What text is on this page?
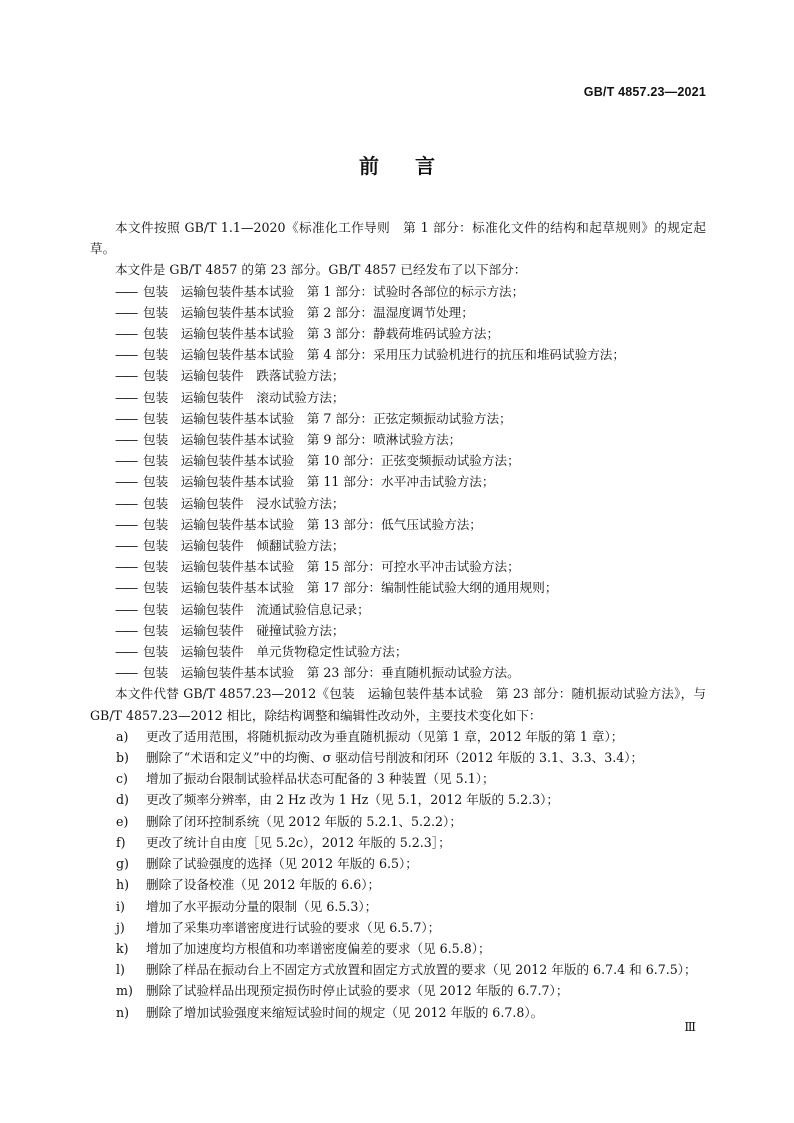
GB/T 4857.23—2021
前言

本文件按照 GB/T 1.1—2020《标准化工作导则　第 1 部分：标准化文件的结构和起草规则》的规定起草。

本文件是 GB/T 4857 的第 23 部分。GB/T 4857 已经发布了以下部分：

—— 包装　运输包装件基本试验　第 1 部分：试验时各部位的标示方法；
—— 包装　运输包装件基本试验　第 2 部分：温湿度调节处理；
—— 包装　运输包装件基本试验　第 3 部分：静载荷堆码试验方法；
—— 包装　运输包装件基本试验　第 4 部分：采用压力试验机进行的抗压和堆码试验方法；
—— 包装　运输包装件　跌落试验方法；
—— 包装　运输包装件　滚动试验方法；
—— 包装　运输包装件基本试验　第 7 部分：正弦定频振动试验方法；
—— 包装　运输包装件基本试验　第 9 部分：喷淋试验方法；
—— 包装　运输包装件基本试验　第 10 部分：正弦变频振动试验方法；
—— 包装　运输包装件基本试验　第 11 部分：水平冲击试验方法；
—— 包装　运输包装件　浸水试验方法；
—— 包装　运输包装件基本试验　第 13 部分：低气压试验方法；
—— 包装　运输包装件　倾翻试验方法；
—— 包装　运输包装件基本试验　第 15 部分：可控水平冲击试验方法；
—— 包装　运输包装件基本试验　第 17 部分：编制性能试验大纲的通用规则；
—— 包装　运输包装件　流通试验信息记录；
—— 包装　运输包装件　碰撞试验方法；
—— 包装　运输包装件　单元货物稳定性试验方法；
—— 包装　运输包装件基本试验　第 23 部分：垂直随机振动试验方法。

本文件代替 GB/T 4857.23—2012《包装　运输包装件基本试验　第 23 部分：随机振动试验方法》，与 GB/T 4857.23—2012 相比，除结构调整和编辑性改动外，主要技术变化如下：

a) 更改了适用范围，将随机振动改为垂直随机振动（见第 1 章，2012 年版的第 1 章）；
b) 删除了“术语和定义”中的均衡、σ 驱动信号削波和闭环（2012 年版的 3.1、3.3、3.4）；
c) 增加了振动台限制试验样品状态可配备的 3 种装置（见 5.1）；
d) 更改了频率分辨率，由 2 Hz 改为 1 Hz（见 5.1，2012 年版的 5.2.3）；
e) 删除了闭环控制系统（见 2012 年版的 5.2.1、5.2.2）；
f) 更改了统计自由度［见 5.2c），2012 年版的 5.2.3］；
g) 删除了试验强度的选择（见 2012 年版的 6.5）；
h) 删除了设备校准（见 2012 年版的 6.6）；
i) 增加了水平振动分量的限制（见 6.5.3）；
j) 增加了采集功率谱密度进行试验的要求（见 6.5.7）；
k) 增加了加速度均方根值和功率谱密度偏差的要求（见 6.5.8）；
l) 删除了样品在振动台上不固定方式放置和固定方式放置的要求（见 2012 年版的 6.7.4 和 6.7.5）；
m) 删除了试验样品出现预定损伤时停止试验的要求（见 2012 年版的 6.7.7）；
n) 删除了增加试验强度来缩短试验时间的规定（见 2012 年版的 6.7.8）。
Ⅲ
